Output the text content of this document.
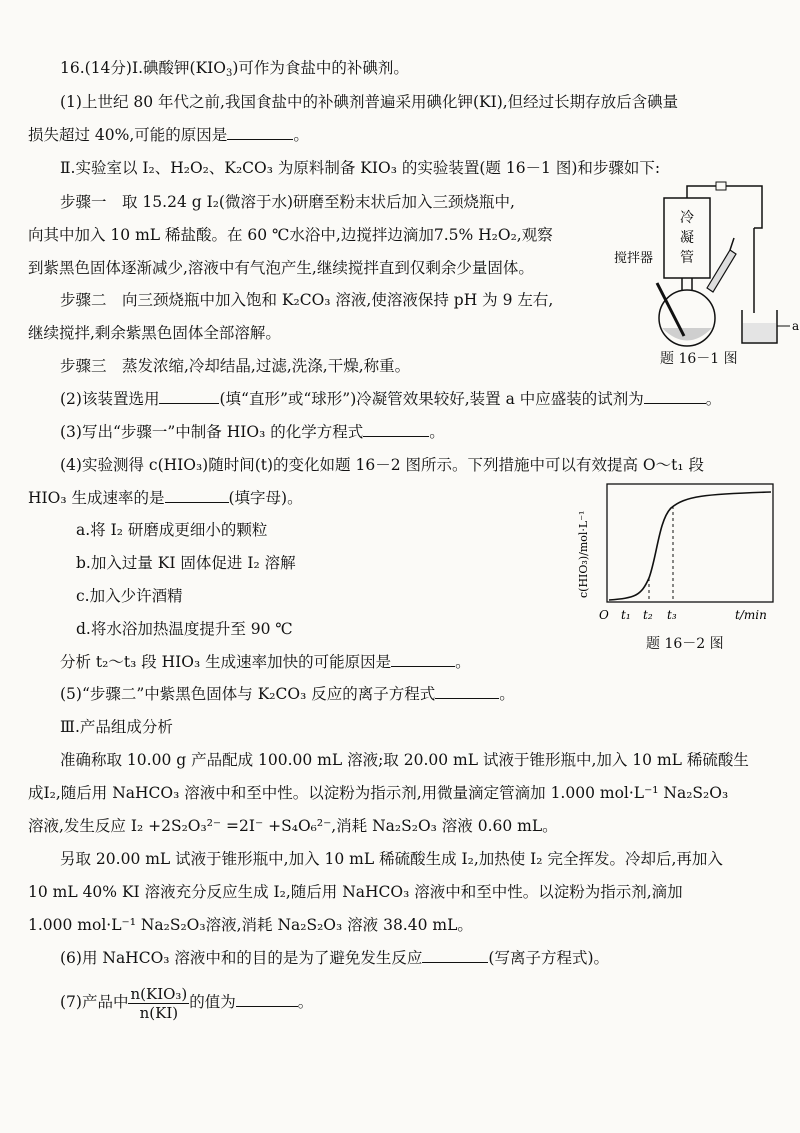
16.(14分)Ⅰ.碘酸钾$(KIO_3)$可作为食盐中的补碘剂。
(1)上世纪 80 年代之前,我国食盐中的补碘剂普遍采用碘化钾(KI),但经过长期存放后含碘量
损失超过 40%,可能的原因是	。
Ⅱ.实验室以 I₂、H₂O₂、K₂CO₃ 为原料制备 KIO₃ 的实验装置(题 16－1 图)和步骤如下:
步骤一　取 15.24 g I₂(微溶于水)研磨至粉末状后加入三颈烧瓶中,
向其中加入 10 mL 稀盐酸。在 60 ℃水浴中,边搅拌边滴加7.5% H₂O₂,观察
到紫黑色固体逐渐减少,溶液中有气泡产生,继续搅拌直到仅剩余少量固体。
步骤二　向三颈烧瓶中加入饱和 K₂CO₃ 溶液,使溶液保持 pH 为 9 左右,
继续搅拌,剩余紫黑色固体全部溶解。
步骤三　蒸发浓缩,冷却结晶,过滤,洗涤,干燥,称重。
冷
凝
管
搅拌器
a
题 16－1 图
(2)该装置选用	(填“直形”或“球形”)冷凝管效果较好,装置 a 中应盛装的试剂为	。
(3)写出“步骤一”中制备 HIO₃ 的化学方程式	。
(4)实验测得 c(HIO₃)随时间(t)的变化如题 16－2 图所示。下列措施中可以有效提高 O～t₁ 段
HIO₃ 生成速率的是	(填字母)。
a.将 I₂ 研磨成更细小的颗粒
b.加入过量 KI 固体促进 I₂ 溶解
c.加入少许酒精
d.将水浴加热温度提升至 90 ℃
分析 t₂～t₃ 段 HIO₃ 生成速率加快的可能原因是	。
c(HIO₃)/mol·L⁻¹
O t₁ t₂ t₃	t/min
题 16－2 图
(5)“步骤二”中紫黑色固体与 K₂CO₃ 反应的离子方程式	。
Ⅲ.产品组成分析
准确称取 10.00 g 产品配成 100.00 mL 溶液;取 20.00 mL 试液于锥形瓶中,加入 10 mL 稀硫酸生
成I₂,随后用 NaHCO₃ 溶液中和至中性。以淀粉为指示剂,用微量滴定管滴加 1.000 mol·L⁻¹ Na₂S₂O₃
溶液,发生反应 I₂ +2S₂O₃²⁻ =2I⁻ +S₄O₆²⁻,消耗 Na₂S₂O₃ 溶液 0.60 mL。
另取 20.00 mL 试液于锥形瓶中,加入 10 mL 稀硫酸生成 I₂,加热使 I₂ 完全挥发。冷却后,再加入
10 mL 40% KI 溶液充分反应生成 I₂,随后用 NaHCO₃ 溶液中和至中性。以淀粉为指示剂,滴加
1.000 mol·L⁻¹ Na₂S₂O₃溶液,消耗 Na₂S₂O₃ 溶液 38.40 mL。
(6)用 NaHCO₃ 溶液中和的目的是为了避免发生反应	(写离子方程式)。
(7)产品中 $\frac{\text{n(KIO₃)}}{n(KI)}$ 的值为	。
